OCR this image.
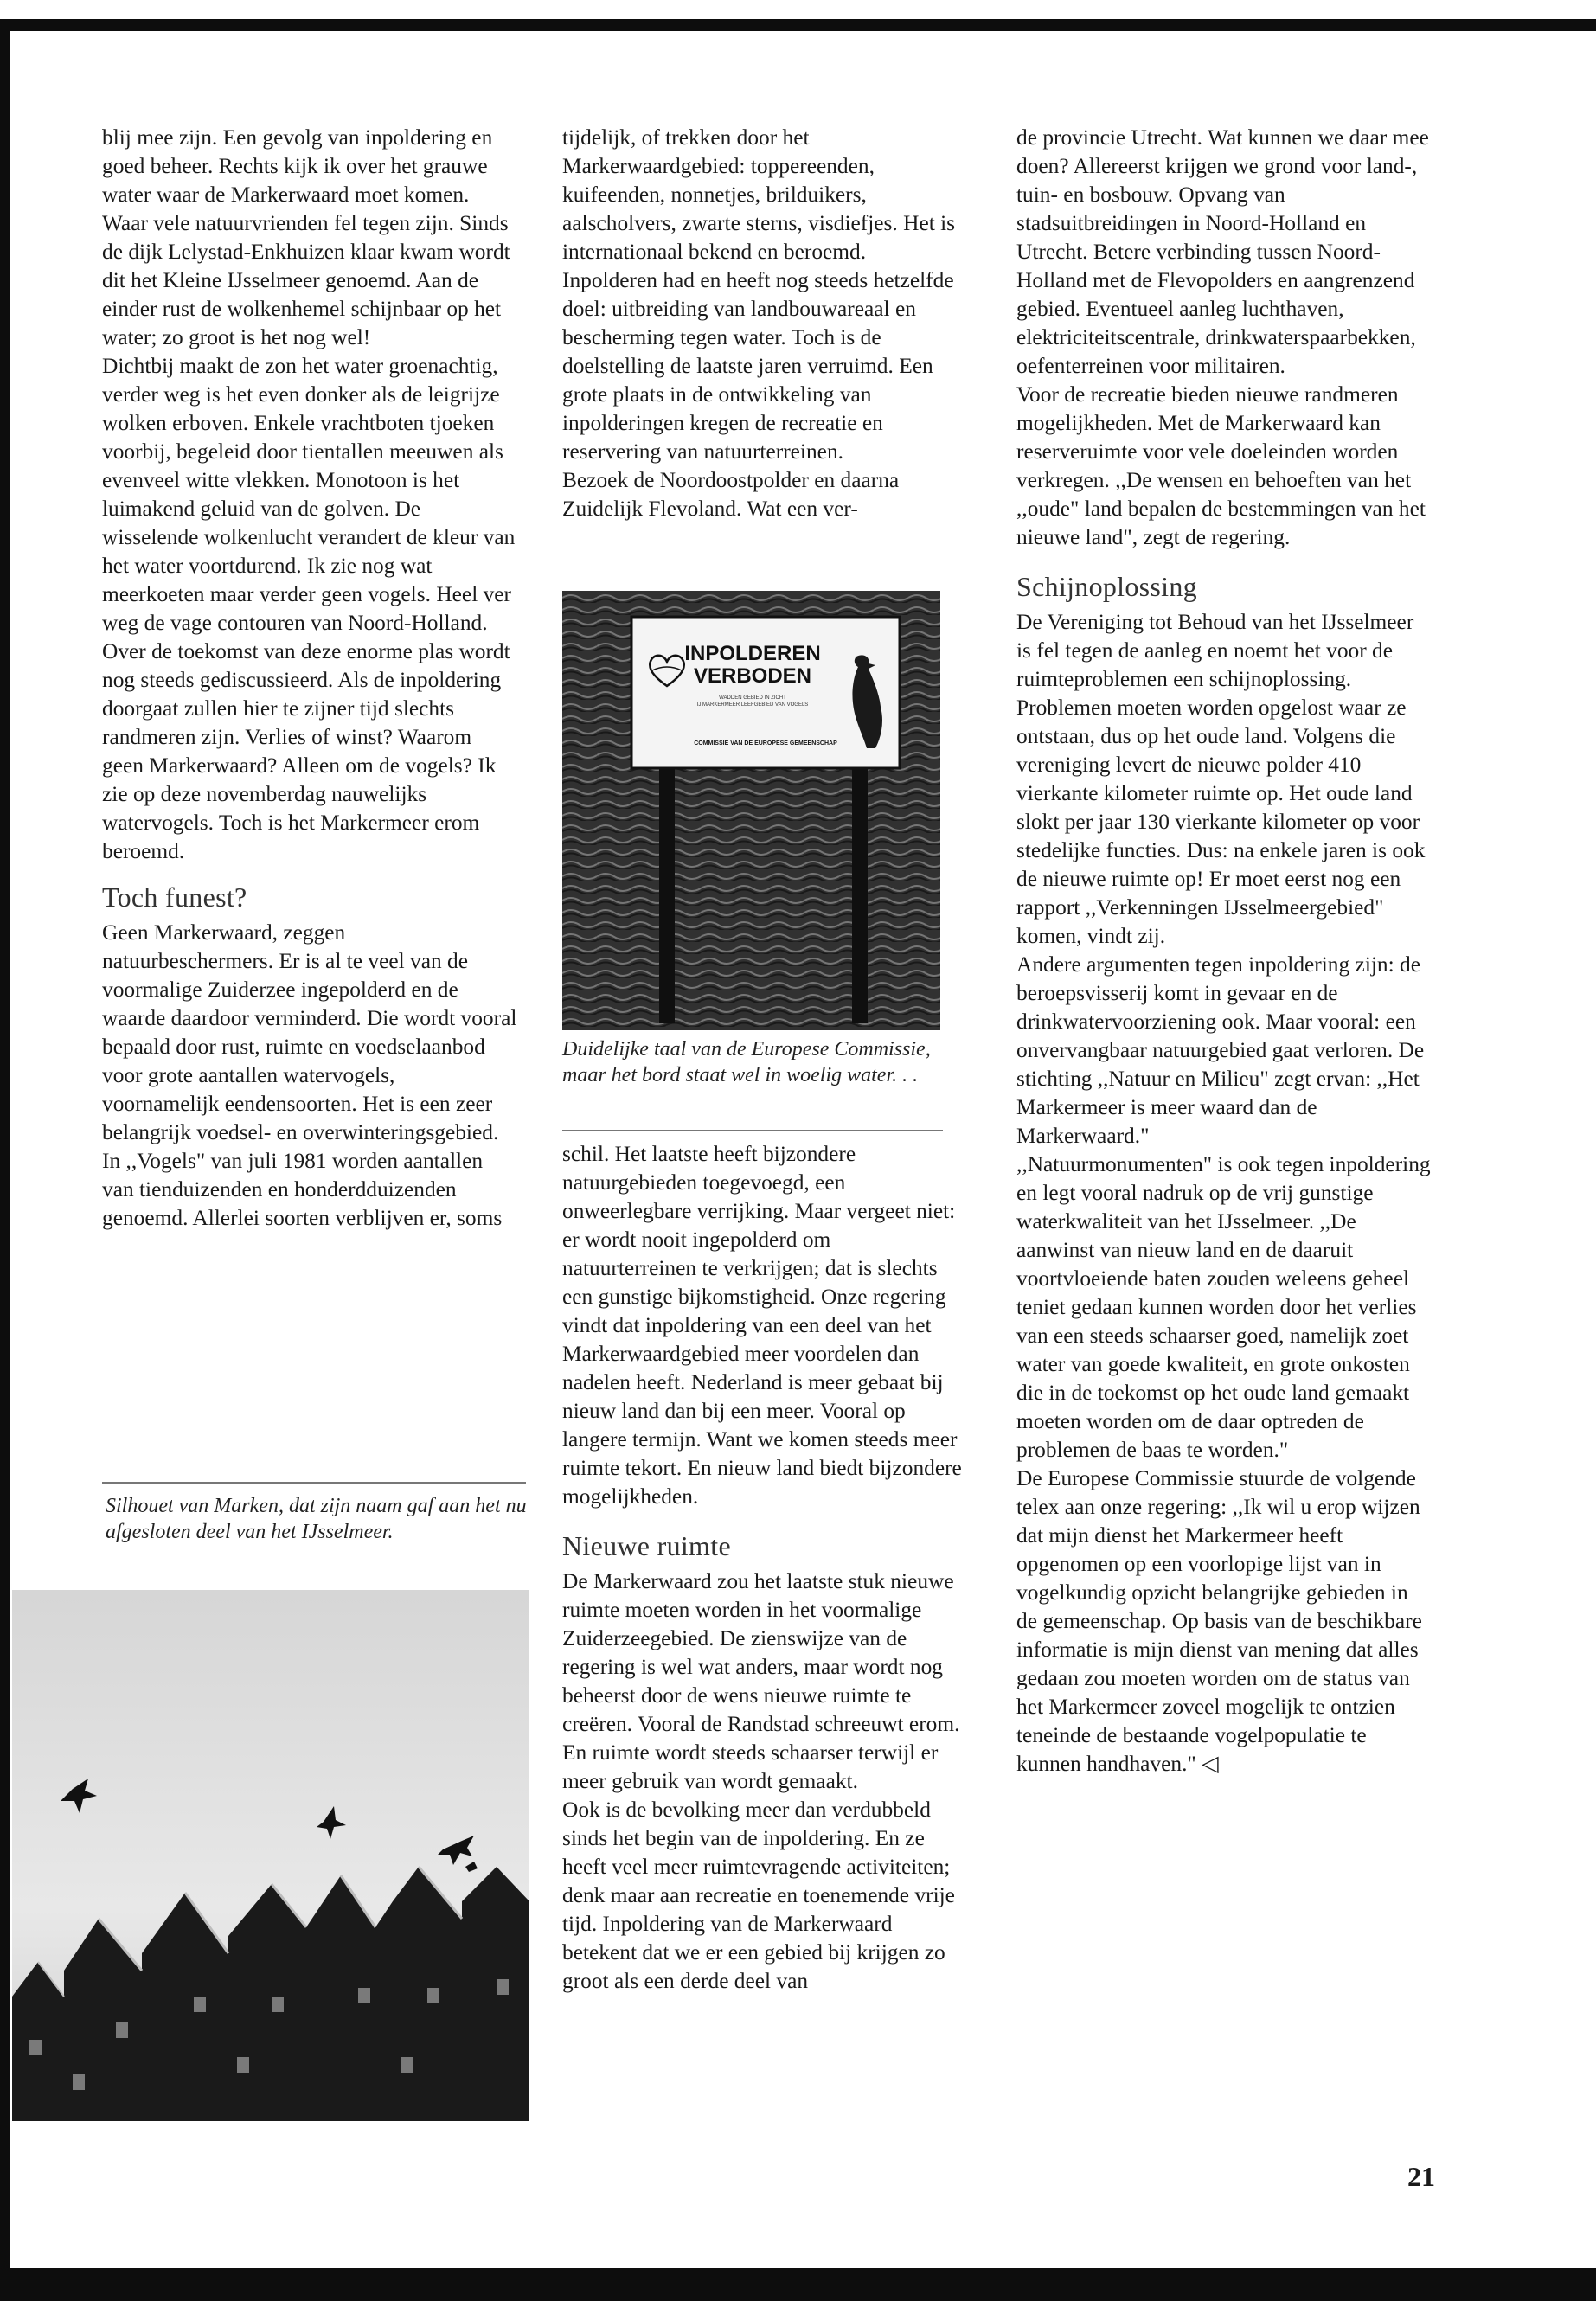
blij mee zijn. Een gevolg van inpoldering en goed beheer. Rechts kijk ik over het grauwe water waar de Markerwaard moet komen. Waar vele natuurvrienden fel tegen zijn. Sinds de dijk Lelystad-Enkhuizen klaar kwam wordt dit het Kleine IJsselmeer genoemd. Aan de einder rust de wolkenhemel schijnbaar op het water; zo groot is het nog wel!

Dichtbij maakt de zon het water groenachtig, verder weg is het even donker als de leigrijze wolken erboven. Enkele vrachtboten tjoeken voorbij, begeleid door tientallen meeuwen als evenveel witte vlekken. Monotoon is het luimakend geluid van de golven. De wisselende wolkenlucht verandert de kleur van het water voortdurend. Ik zie nog wat meerkoeten maar verder geen vogels. Heel ver weg de vage contouren van Noord-Holland.

Over de toekomst van deze enorme plas wordt nog steeds gediscussieerd. Als de inpoldering doorgaat zullen hier te zijner tijd slechts randmeren zijn. Verlies of winst? Waarom geen Markerwaard? Alleen om de vogels? Ik zie op deze novemberdag nauwelijks watervogels. Toch is het Markermeer erom beroemd.

Toch funest?

Geen Markerwaard, zeggen natuurbeschermers. Er is al te veel van de voormalige Zuiderzee ingepolderd en de waarde daardoor verminderd. Die wordt vooral bepaald door rust, ruimte en voedselaanbod voor grote aantallen watervogels, voornamelijk eendensoorten. Het is een zeer belangrijk voedsel- en overwinteringsgebied. In ,,Vogels" van juli 1981 worden aantallen van tienduizenden en honderdduizenden genoemd. Allerlei soorten verblijven er, soms

Silhouet van Marken, dat zijn naam gaf aan het nu afgesloten deel van het IJsselmeer.

tijdelijk, of trekken door het Markerwaardgebied: toppereenden, kuifeenden, nonnetjes, brilduikers, aalscholvers, zwarte sterns, visdiefjes. Het is internationaal bekend en beroemd.

Inpolderen had en heeft nog steeds hetzelfde doel: uitbreiding van landbouwareaal en bescherming tegen water. Toch is de doelstelling de laatste jaren verruimd. Een grote plaats in de ontwikkeling van inpolderingen kregen de recreatie en reservering van natuurterreinen.

Bezoek de Noordoostpolder en daarna Zuidelijk Flevoland. Wat een ver-

INPOLDEREN
VERBODEN
WADDEN GEBIED IN ZICHT
IJ MARKERMEER LEEFGEBIED VAN VOGELS
COMMISSIE VAN DE EUROPESE GEMEENSCHAP
Duidelijke taal van de Europese Commissie, maar het bord staat wel in woelig water. . .

schil. Het laatste heeft bijzondere natuurgebieden toegevoegd, een onweerlegbare verrijking. Maar vergeet niet: er wordt nooit ingepolderd om natuurterreinen te verkrijgen; dat is slechts een gunstige bijkomstigheid. Onze regering vindt dat inpoldering van een deel van het Markerwaardgebied meer voordelen dan nadelen heeft. Nederland is meer gebaat bij nieuw land dan bij een meer. Vooral op langere termijn. Want we komen steeds meer ruimte tekort. En nieuw land biedt bijzondere mogelijkheden.

Nieuwe ruimte

De Markerwaard zou het laatste stuk nieuwe ruimte moeten worden in het voormalige Zuiderzeegebied. De zienswijze van de regering is wel wat anders, maar wordt nog beheerst door de wens nieuwe ruimte te creëren. Vooral de Randstad schreeuwt erom. En ruimte wordt steeds schaarser terwijl er meer gebruik van wordt gemaakt.

Ook is de bevolking meer dan verdubbeld sinds het begin van de inpoldering. En ze heeft veel meer ruimtevragende activiteiten; denk maar aan recreatie en toenemende vrije tijd. Inpoldering van de Markerwaard betekent dat we er een gebied bij krijgen zo groot als een derde deel van

de provincie Utrecht. Wat kunnen we daar mee doen? Allereerst krijgen we grond voor land-, tuin- en bosbouw. Opvang van stadsuitbreidingen in Noord-Holland en Utrecht. Betere verbinding tussen Noord-Holland met de Flevopolders en aangrenzend gebied. Eventueel aanleg luchthaven, elektriciteitscentrale, drinkwaterspaarbekken, oefenterreinen voor militairen.

Voor de recreatie bieden nieuwe randmeren mogelijkheden. Met de Markerwaard kan reserveruimte voor vele doeleinden worden verkregen. ,,De wensen en behoeften van het ,,oude" land bepalen de bestemmingen van het nieuwe land", zegt de regering.

Schijnoplossing

De Vereniging tot Behoud van het IJsselmeer is fel tegen de aanleg en noemt het voor de ruimteproblemen een schijnoplossing. Problemen moeten worden opgelost waar ze ontstaan, dus op het oude land. Volgens die vereniging levert de nieuwe polder 410 vierkante kilometer ruimte op. Het oude land slokt per jaar 130 vierkante kilometer op voor stedelijke functies. Dus: na enkele jaren is ook de nieuwe ruimte op! Er moet eerst nog een rapport ,,Verkenningen IJsselmeergebied" komen, vindt zij.

Andere argumenten tegen inpoldering zijn: de beroepsvisserij komt in gevaar en de drinkwatervoorziening ook. Maar vooral: een onvervangbaar natuurgebied gaat verloren. De stichting ,,Natuur en Milieu" zegt ervan: ,,Het Markermeer is meer waard dan de Markerwaard."

,,Natuurmonumenten" is ook tegen inpoldering en legt vooral nadruk op de vrij gunstige waterkwaliteit van het IJsselmeer. ,,De aanwinst van nieuw land en de daaruit voortvloeiende baten zouden weleens geheel teniet gedaan kunnen worden door het verlies van een steeds schaarser goed, namelijk zoet water van goede kwaliteit, en grote onkosten die in de toekomst op het oude land gemaakt moeten worden om de daar optreden de problemen de baas te worden."

De Europese Commissie stuurde de volgende telex aan onze regering: ,,Ik wil u erop wijzen dat mijn dienst het Markermeer heeft opgenomen op een voorlopige lijst van in vogelkundig opzicht belangrijke gebieden in de gemeenschap. Op basis van de beschikbare informatie is mijn dienst van mening dat alles gedaan zou moeten worden om de status van het Markermeer zoveel mogelijk te ontzien teneinde de bestaande vogelpopulatie te kunnen handhaven." ◁

21
